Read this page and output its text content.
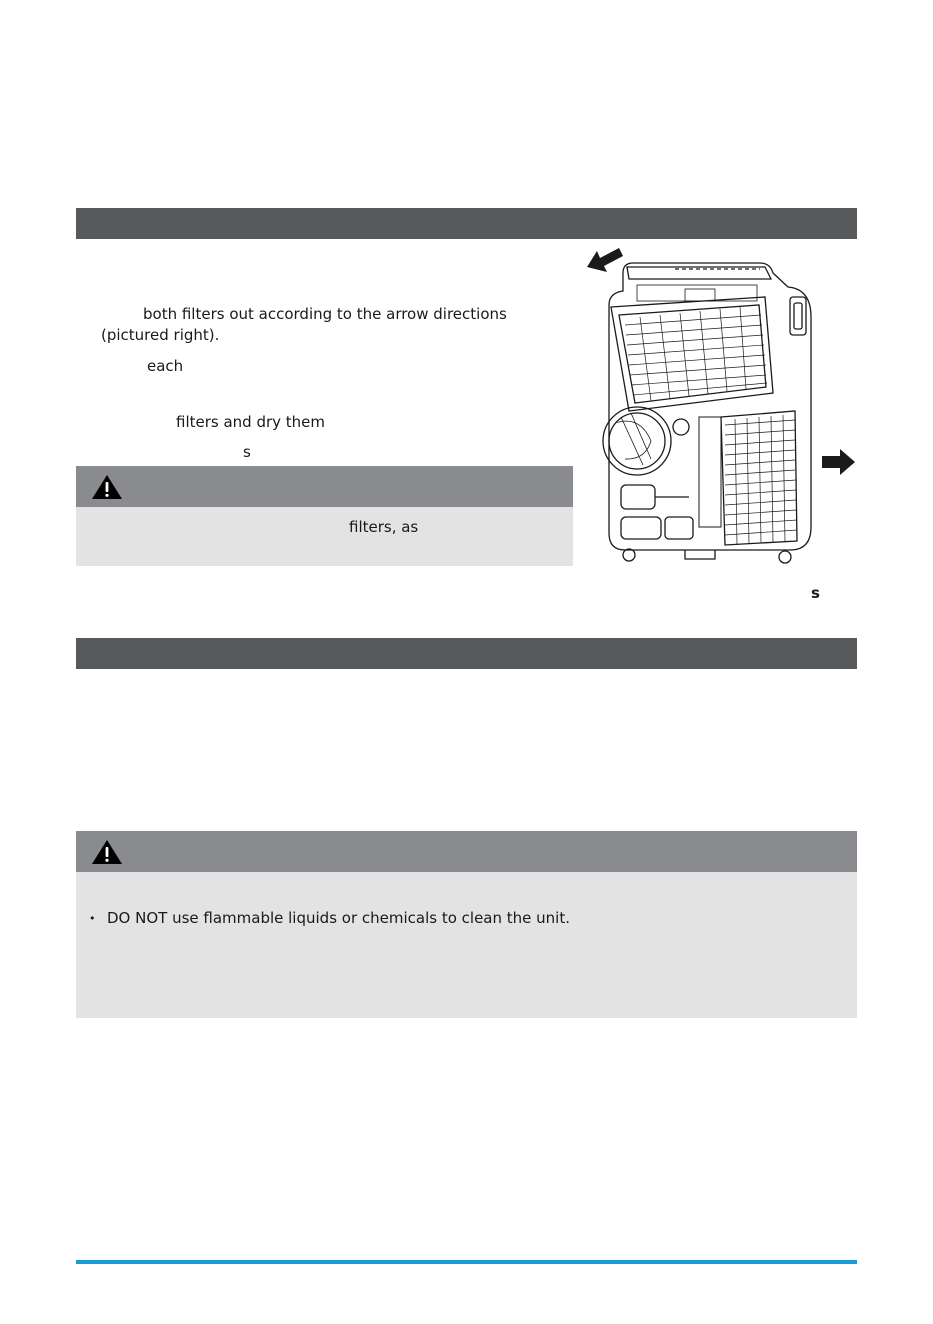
both filters out according to the arrow directions
(pictured right).
each
filters and dry them
s
filters, as
s
• DO NOT use flammable liquids or chemicals to clean the unit.
